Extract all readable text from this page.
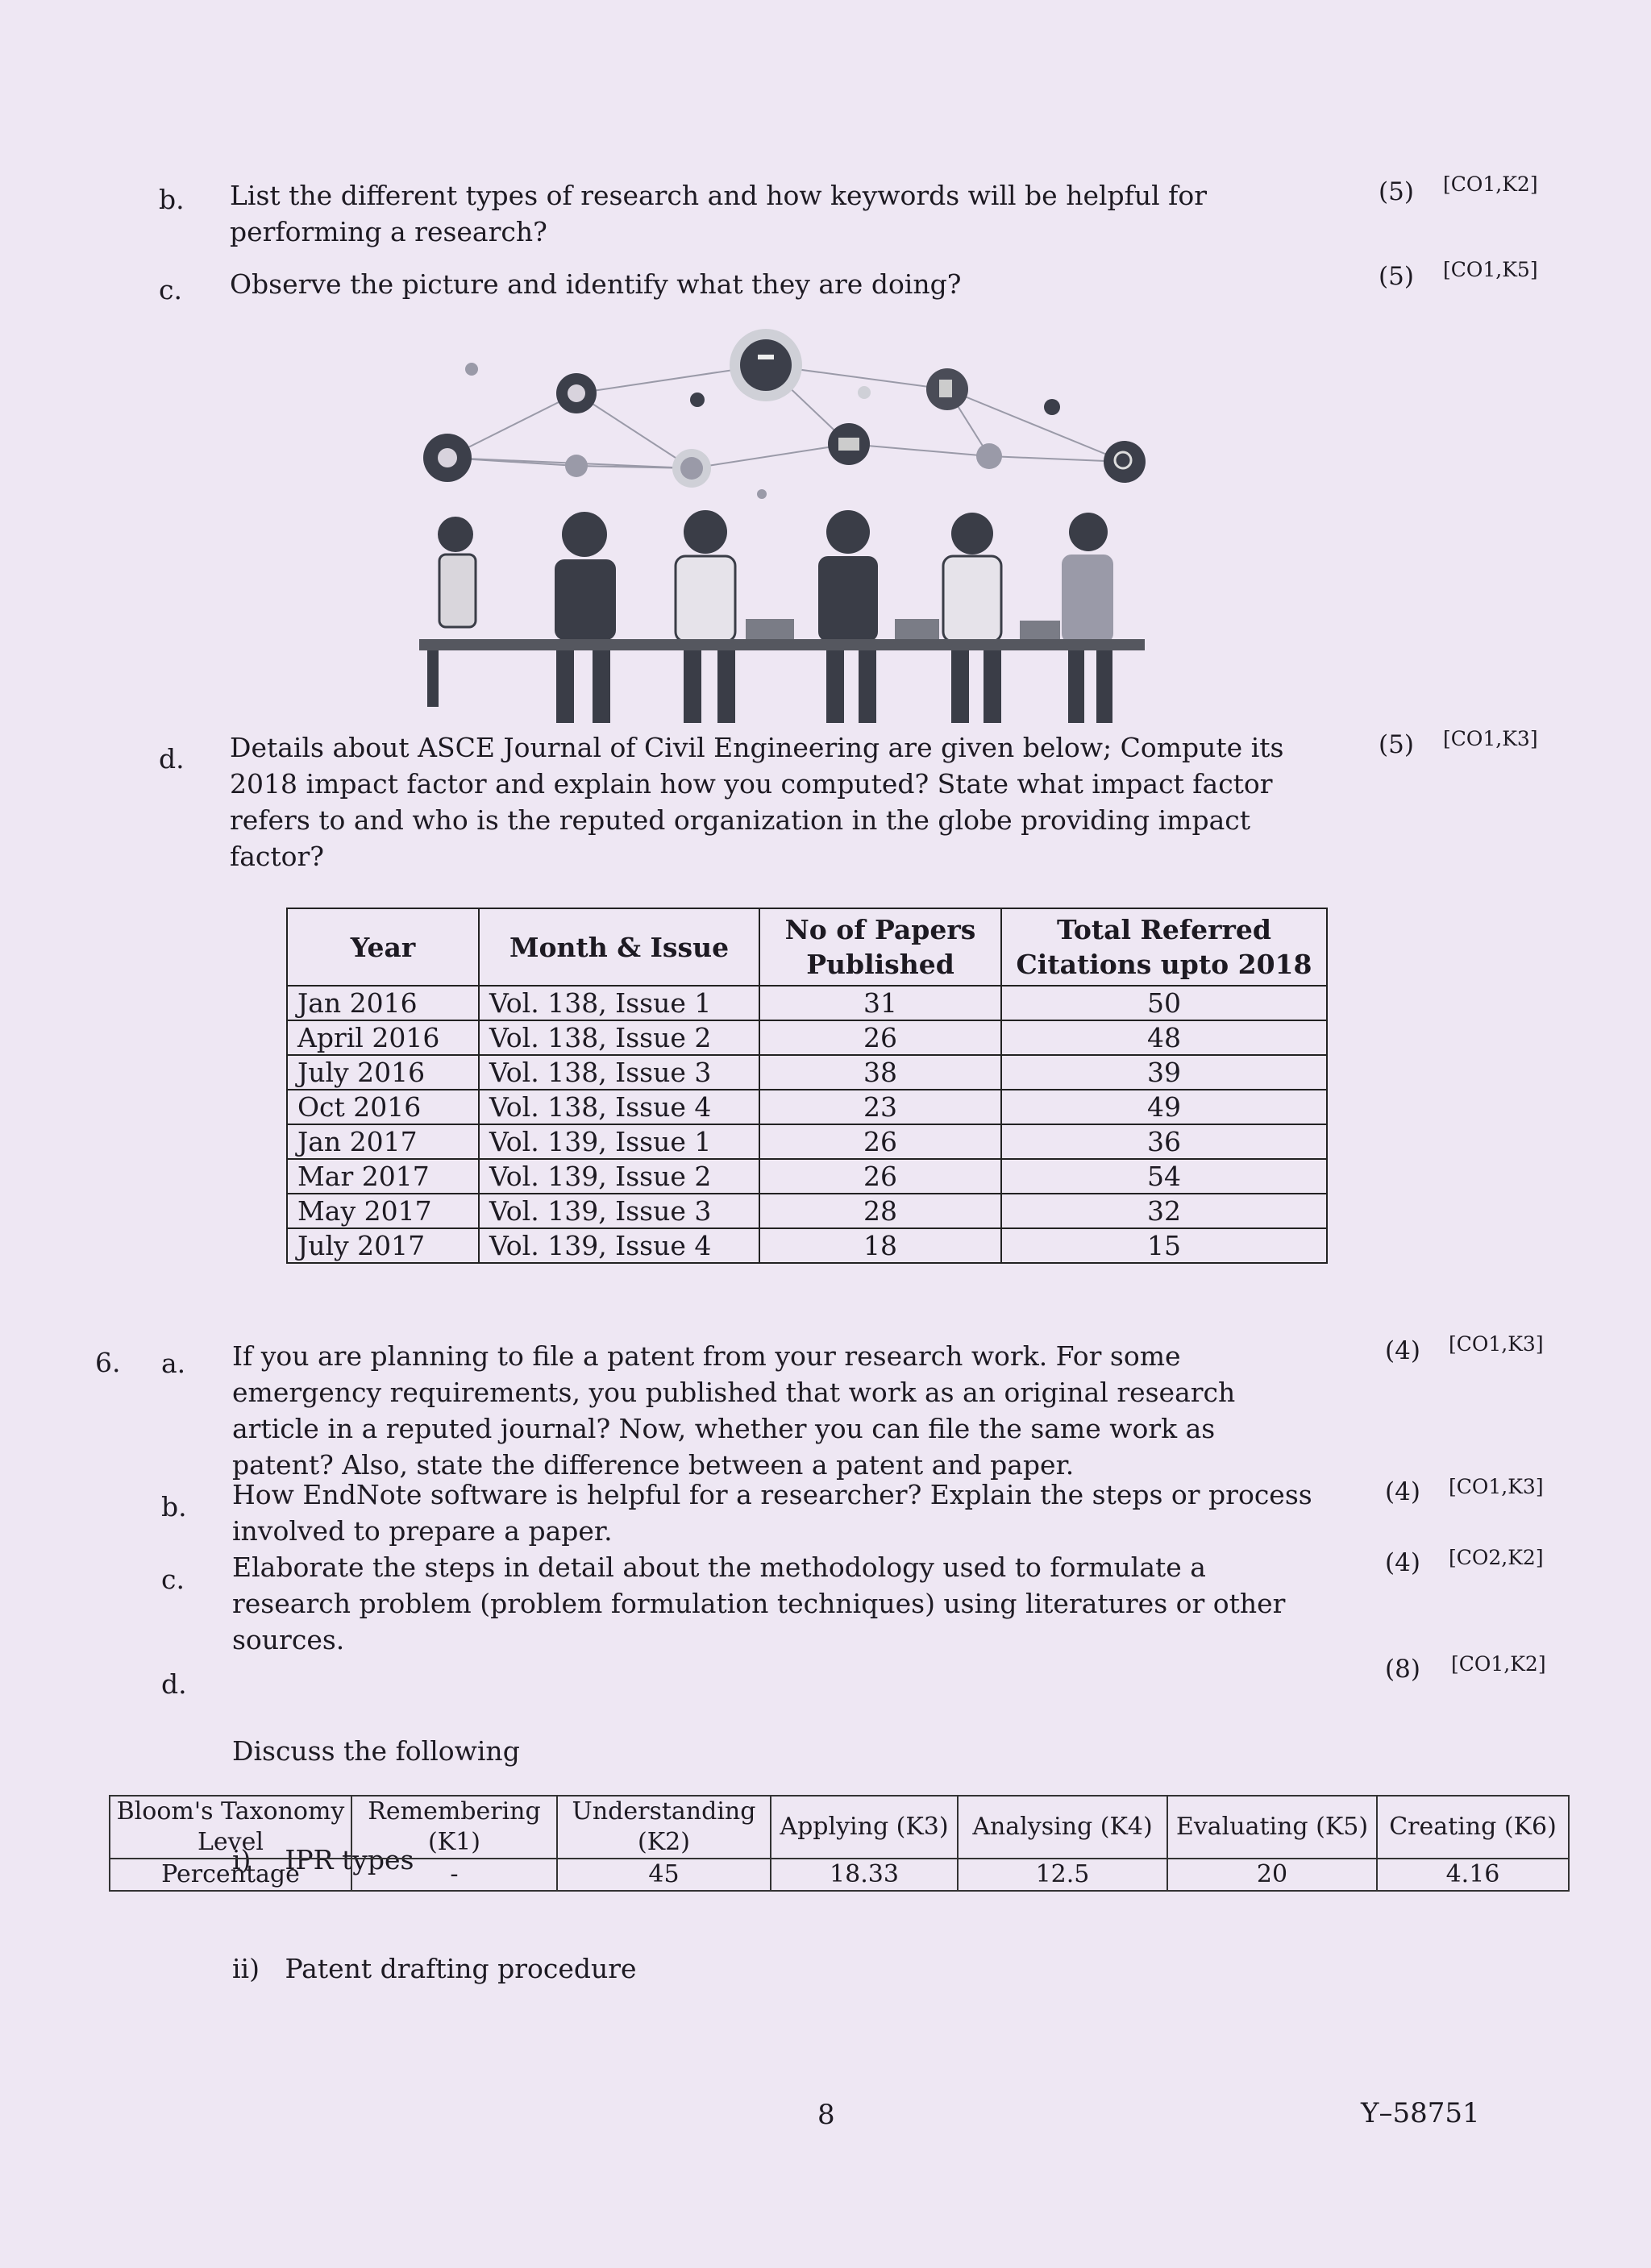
b. List the different types of research and how keywords will be helpful for
performing a research?
(5) [CO1,K2]
c. Observe the picture and identify what they are doing?	(5) [CO1,K5]
d. Details about ASCE Journal of Civil Engineering are given below; Compute its
2018 impact factor and explain how you computed? State what impact factor
refers to and who is the reputed organization in the globe providing impact
factor?
(5) [CO1,K3]
Year	Month & Issue	No of Papers Published	Total Referred Citations upto 2018
Jan 2016	Vol. 138, Issue 1	31	50
April 2016	Vol. 138, Issue 2	26	48
July 2016	Vol. 138, Issue 3	38	39
Oct 2016	Vol. 138, Issue 4	23	49
Jan 2017	Vol. 139, Issue 1	26	36
Mar 2017	Vol. 139, Issue 2	26	54
May 2017	Vol. 139, Issue 3	28	32
July 2017	Vol. 139, Issue 4	18	15
6. a. If you are planning to file a patent from your research work. For some
emergency requirements, you published that work as an original research
article in a reputed journal? Now, whether you can file the same work as
patent? Also, state the difference between a patent and paper.
(4) [CO1,K3]
b. How EndNote software is helpful for a researcher? Explain the steps or process
involved to prepare a paper.
(4) [CO1,K3]
c. Elaborate the steps in detail about the methodology used to formulate a
research problem (problem formulation techniques) using literatures or other
sources.
(4) [CO2,K2]
d.

Discuss the following

i)    IPR types

ii)   Patent drafting procedure

(8) [CO1,K2]
Bloom's Taxonomy Level	Remembering (K1)	Understanding (K2)	Applying (K3)	Analysing (K4)	Evaluating (K5)	Creating (K6)
Percentage	-	45	18.33	12.5	20	4.16
8	Y–58751
